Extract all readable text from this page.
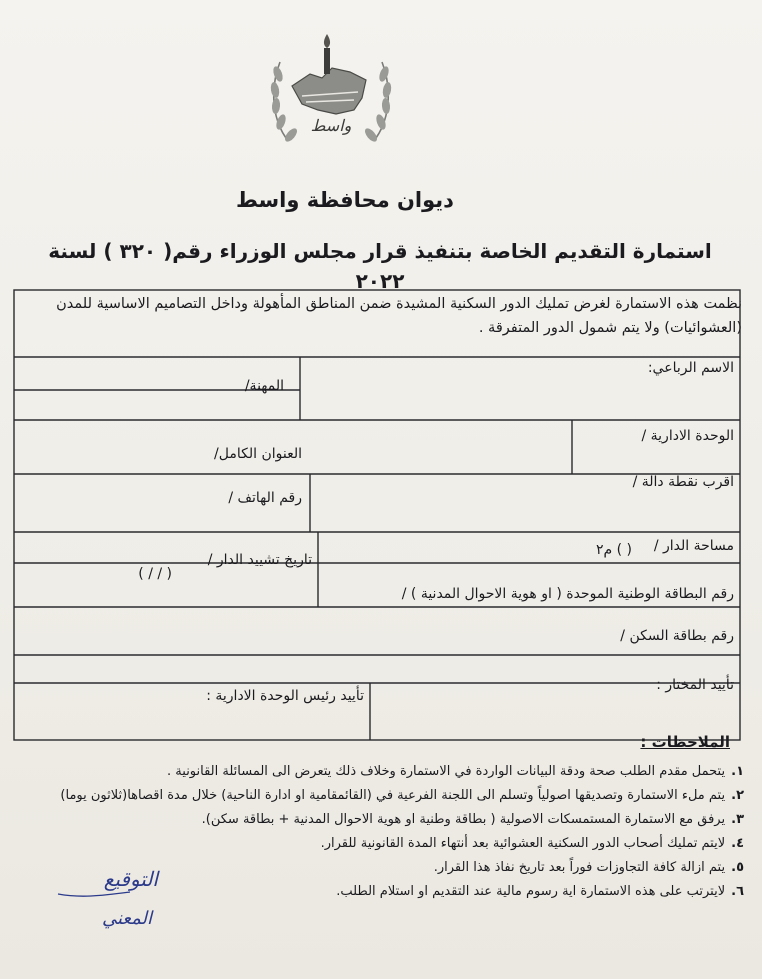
واسط
ديوان محافظة واسط
استمارة التقديم الخاصة بتنفيذ قرار مجلس الوزراء رقم( ٣٢٠ ) لسنة ٢٠٢٢
نظمت هذه الاستمارة لغرض تمليك الدور السكنية المشيدة ضمن المناطق المأهولة وداخل التصاميم الاساسية للمدن (العشوائيات) ولا يتم شمول الدور المتفرقة .
الاسم الرباعي:
المهنة/
الوحدة الادارية /
العنوان الكامل/
اقرب نقطة دالة /
رقم الهاتف /
مساحة الدار /
( ) م٢
تاريخ تشييد الدار /
( / / )
رقم البطاقة الوطنية الموحدة ( او هوية الاحوال المدنية ) /
رقم بطاقة السكن /
تأييد المختار :
تأييد رئيس الوحدة الادارية :
الملاحظات :
١.يتحمل مقدم الطلب صحة ودقة البيانات الواردة في الاستمارة وخلاف ذلك يتعرض الى المسائلة القانونية .
٢.يتم ملء الاستمارة وتصديقها اصولياً وتسلم الى اللجنة الفرعية في (القائمقامية او ادارة الناحية) خلال مدة اقصاها(ثلاثون يوما)
٣.يرفق مع الاستمارة المستمسكات الاصولية ( بطاقة وطنية او هوية الاحوال المدنية + بطاقة سكن).
٤.لايتم تمليك أصحاب الدور السكنية العشوائية بعد أنتهاء المدة القانونية للقرار.
٥.يتم ازالة كافة التجاوزات فوراً بعد تاريخ نفاذ هذا القرار.
٦.لايترتب على هذه الاستمارة اية رسوم مالية عند التقديم او استلام الطلب.
التوقيع
المعني
